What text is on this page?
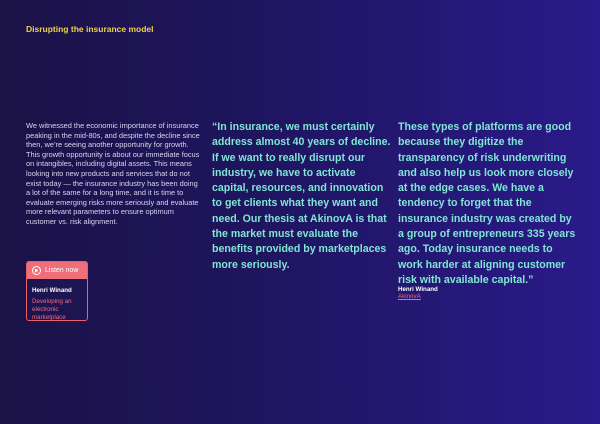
Disrupting the insurance model

We witnessed the economic importance of insurance peaking in the mid-80s, and despite the decline since then, we’re seeing another opportunity for growth. This growth opportunity is about our immediate focus on intangibles, including digital assets. This means looking into new products and services that do not exist today — the insurance industry has been doing a lot of the same for a long time, and it is time to evaluate emerging risks more seriously and evaluate more relevant parameters to ensure optimum customer vs. risk alignment.

Listen now
Henri Winand
Developing an electronic marketplace

“In insurance, we must certainly address almost 40 years of decline. If we want to really disrupt our industry, we have to activate capital, resources, and innovation to get clients what they want and need. Our thesis at AkinovA is that the market must evaluate the benefits provided by marketplaces more seriously.

These types of platforms are good because they digitize the transparency of risk underwriting and also help us look more closely at the edge cases. We have a tendency to forget that the insurance industry was created by a group of entrepreneurs 335 years ago. Today insurance needs to work harder at aligning customer risk with available capital.”

Henri Winand
AkinovA
